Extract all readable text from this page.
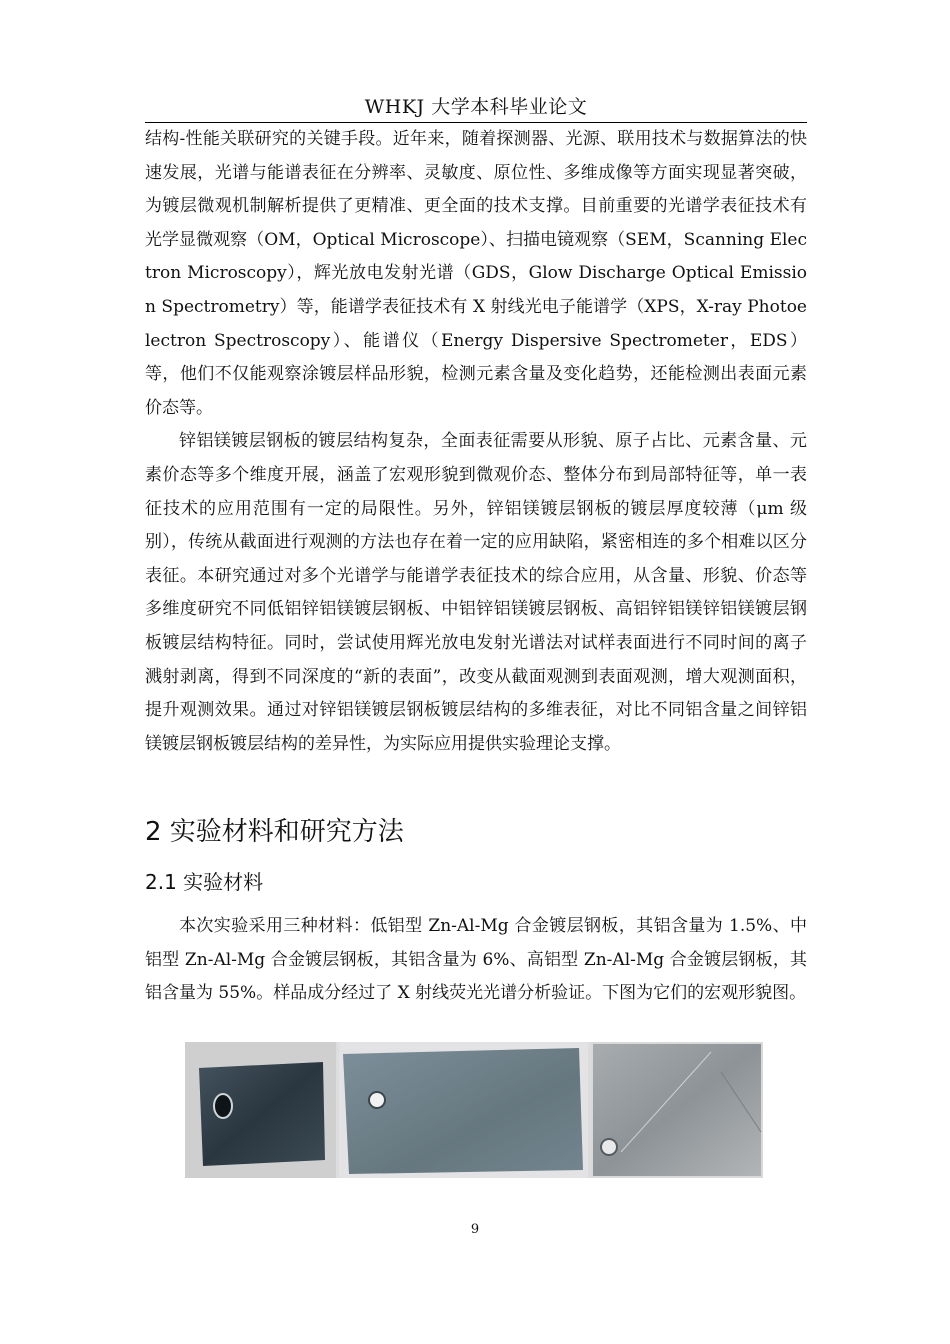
WHKJ 大学本科毕业论文

结构-性能关联研究的关键手段。近年来，随着探测器、光源、联用技术与数据算法的快速发展，光谱与能谱表征在分辨率、灵敏度、原位性、多维成像等方面实现显著突破，为镀层微观机制解析提供了更精准、更全面的技术支撑。目前重要的光谱学表征技术有光学显微观察（OM，Optical Microscope）、扫描电镜观察（SEM，Scanning Electron Microscopy），辉光放电发射光谱（GDS，Glow Discharge Optical Emission Spectrometry）等，能谱学表征技术有 X 射线光电子能谱学（XPS，X-ray Photoelectron Spectroscopy）、能谱仪（Energy Dispersive Spectrometer，EDS）等，他们不仅能观察涂镀层样品形貌，检测元素含量及变化趋势，还能检测出表面元素价态等。

锌铝镁镀层钢板的镀层结构复杂，全面表征需要从形貌、原子占比、元素含量、元素价态等多个维度开展，涵盖了宏观形貌到微观价态、整体分布到局部特征等，单一表征技术的应用范围有一定的局限性。另外，锌铝镁镀层钢板的镀层厚度较薄（μm 级别），传统从截面进行观测的方法也存在着一定的应用缺陷，紧密相连的多个相难以区分表征。本研究通过对多个光谱学与能谱学表征技术的综合应用，从含量、形貌、价态等多维度研究不同低铝锌铝镁镀层钢板、中铝锌铝镁镀层钢板、高铝锌铝镁锌铝镁镀层钢板镀层结构特征。同时，尝试使用辉光放电发射光谱法对试样表面进行不同时间的离子溅射剥离，得到不同深度的“新的表面”，改变从截面观测到表面观测，增大观测面积，提升观测效果。通过对锌铝镁镀层钢板镀层结构的多维表征，对比不同铝含量之间锌铝镁镀层钢板镀层结构的差异性，为实际应用提供实验理论支撑。

2 实验材料和研究方法
2.1 实验材料

本次实验采用三种材料：低铝型 Zn-Al-Mg 合金镀层钢板，其铝含量为 1.5%、中铝型 Zn-Al-Mg 合金镀层钢板，其铝含量为 6%、高铝型 Zn-Al-Mg 合金镀层钢板，其铝含量为 55%。样品成分经过了 X 射线荧光光谱分析验证。下图为它们的宏观形貌图。

9
